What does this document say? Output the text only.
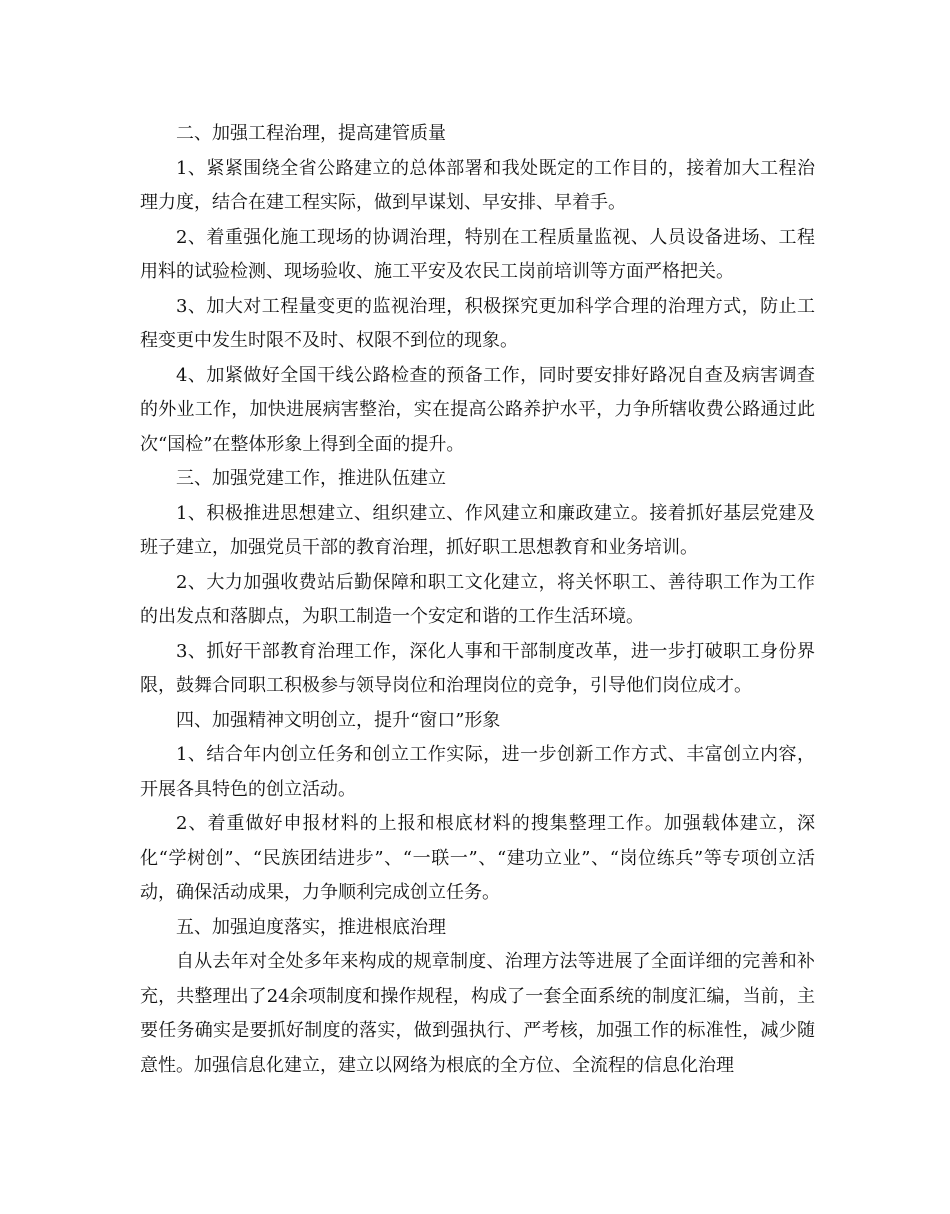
二、加强工程治理，提高建管质量

1、紧紧围绕全省公路建立的总体部署和我处既定的工作目的，接着加大工程治理力度，结合在建工程实际，做到早谋划、早安排、早着手。

2、着重强化施工现场的协调治理，特别在工程质量监视、人员设备进场、工程用料的试验检测、现场验收、施工平安及农民工岗前培训等方面严格把关。

3、加大对工程量变更的监视治理，积极探究更加科学合理的治理方式，防止工程变更中发生时限不及时、权限不到位的现象。

4、加紧做好全国干线公路检查的预备工作，同时要安排好路况自查及病害调查的外业工作，加快进展病害整治，实在提高公路养护水平，力争所辖收费公路通过此次“国检”在整体形象上得到全面的提升。

三、加强党建工作，推进队伍建立

1、积极推进思想建立、组织建立、作风建立和廉政建立。接着抓好基层党建及班子建立，加强党员干部的教育治理，抓好职工思想教育和业务培训。

2、大力加强收费站后勤保障和职工文化建立，将关怀职工、善待职工作为工作的出发点和落脚点，为职工制造一个安定和谐的工作生活环境。

3、抓好干部教育治理工作，深化人事和干部制度改革，进一步打破职工身份界限，鼓舞合同职工积极参与领导岗位和治理岗位的竞争，引导他们岗位成才。

四、加强精神文明创立，提升“窗口”形象

1、结合年内创立任务和创立工作实际，进一步创新工作方式、丰富创立内容，开展各具特色的创立活动。

2、着重做好申报材料的上报和根底材料的搜集整理工作。加强载体建立，深化“学树创”、“民族团结进步”、“一联一”、“建功立业”、“岗位练兵”等专项创立活动，确保活动成果，力争顺利完成创立任务。

五、加强迫度落实，推进根底治理

自从去年对全处多年来构成的规章制度、治理方法等进展了全面详细的完善和补充，共整理出了24余项制度和操作规程，构成了一套全面系统的制度汇编，当前，主要任务确实是要抓好制度的落实，做到强执行、严考核，加强工作的标准性，减少随意性。加强信息化建立，建立以网络为根底的全方位、全流程的信息化治理
